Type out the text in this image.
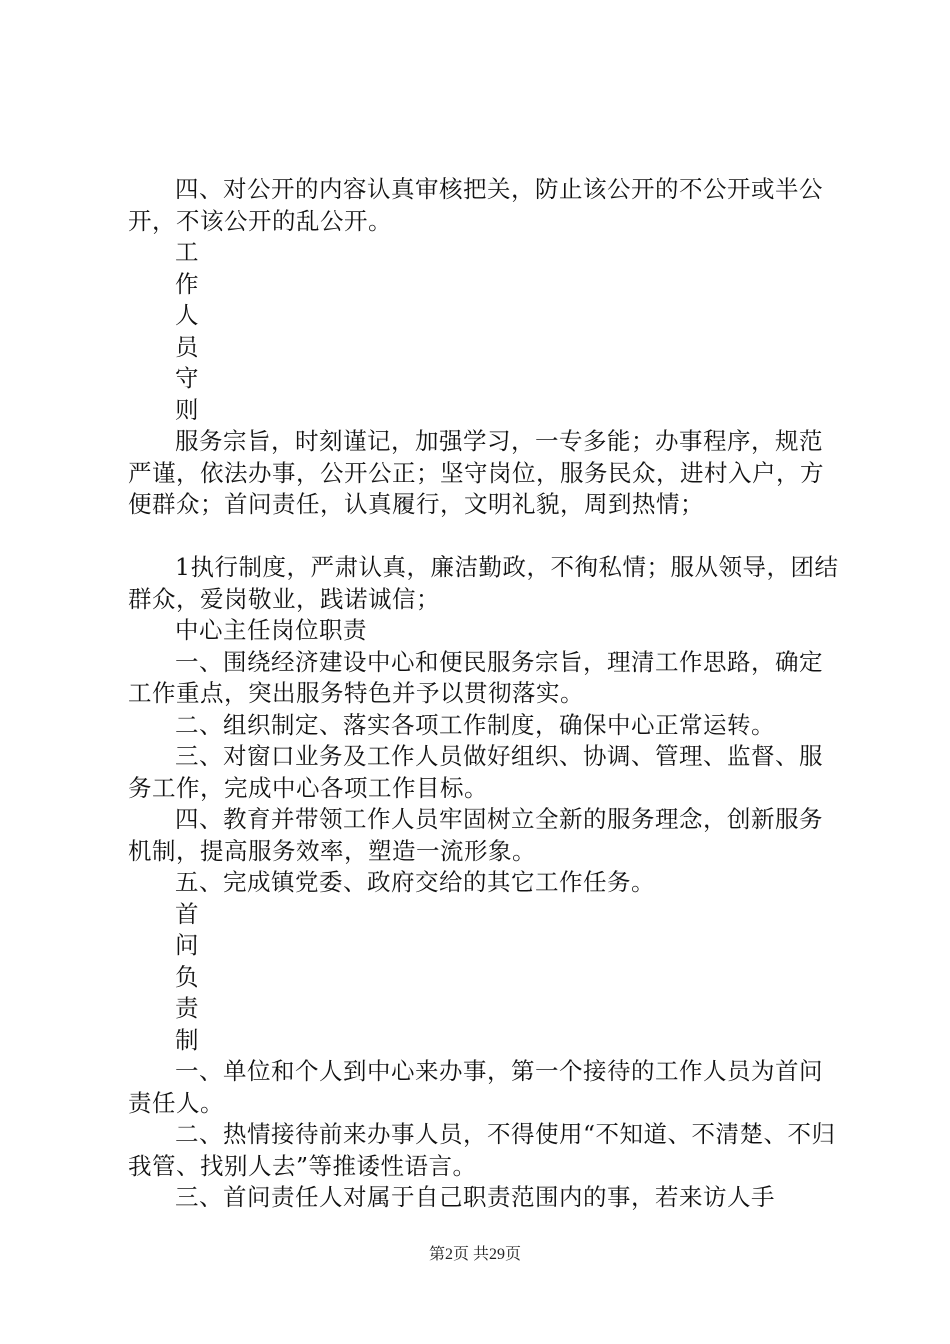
四、对公开的内容认真审核把关，防止该公开的不公开或半公开，不该公开的乱公开。

工
作
人
员
守
则

服务宗旨，时刻谨记，加强学习，一专多能；办事程序，规范严谨，依法办事，公开公正；坚守岗位，服务民众，进村入户，方便群众；首问责任，认真履行，文明礼貌，周到热情；

1执行制度，严肃认真，廉洁勤政，不徇私情；服从领导，团结群众，爱岗敬业，践诺诚信；

中心主任岗位职责

一、围绕经济建设中心和便民服务宗旨，理清工作思路，确定工作重点，突出服务特色并予以贯彻落实。

二、组织制定、落实各项工作制度，确保中心正常运转。

三、对窗口业务及工作人员做好组织、协调、管理、监督、服务工作，完成中心各项工作目标。

四、教育并带领工作人员牢固树立全新的服务理念，创新服务机制，提高服务效率，塑造一流形象。

五、完成镇党委、政府交给的其它工作任务。

首
问
负
责
制

一、单位和个人到中心来办事，第一个接待的工作人员为首问责任人。

二、热情接待前来办事人员，不得使用“不知道、不清楚、不归我管、找别人去”等推诿性语言。

三、首问责任人对属于自己职责范围内的事，若来访人手

第2页 共29页
